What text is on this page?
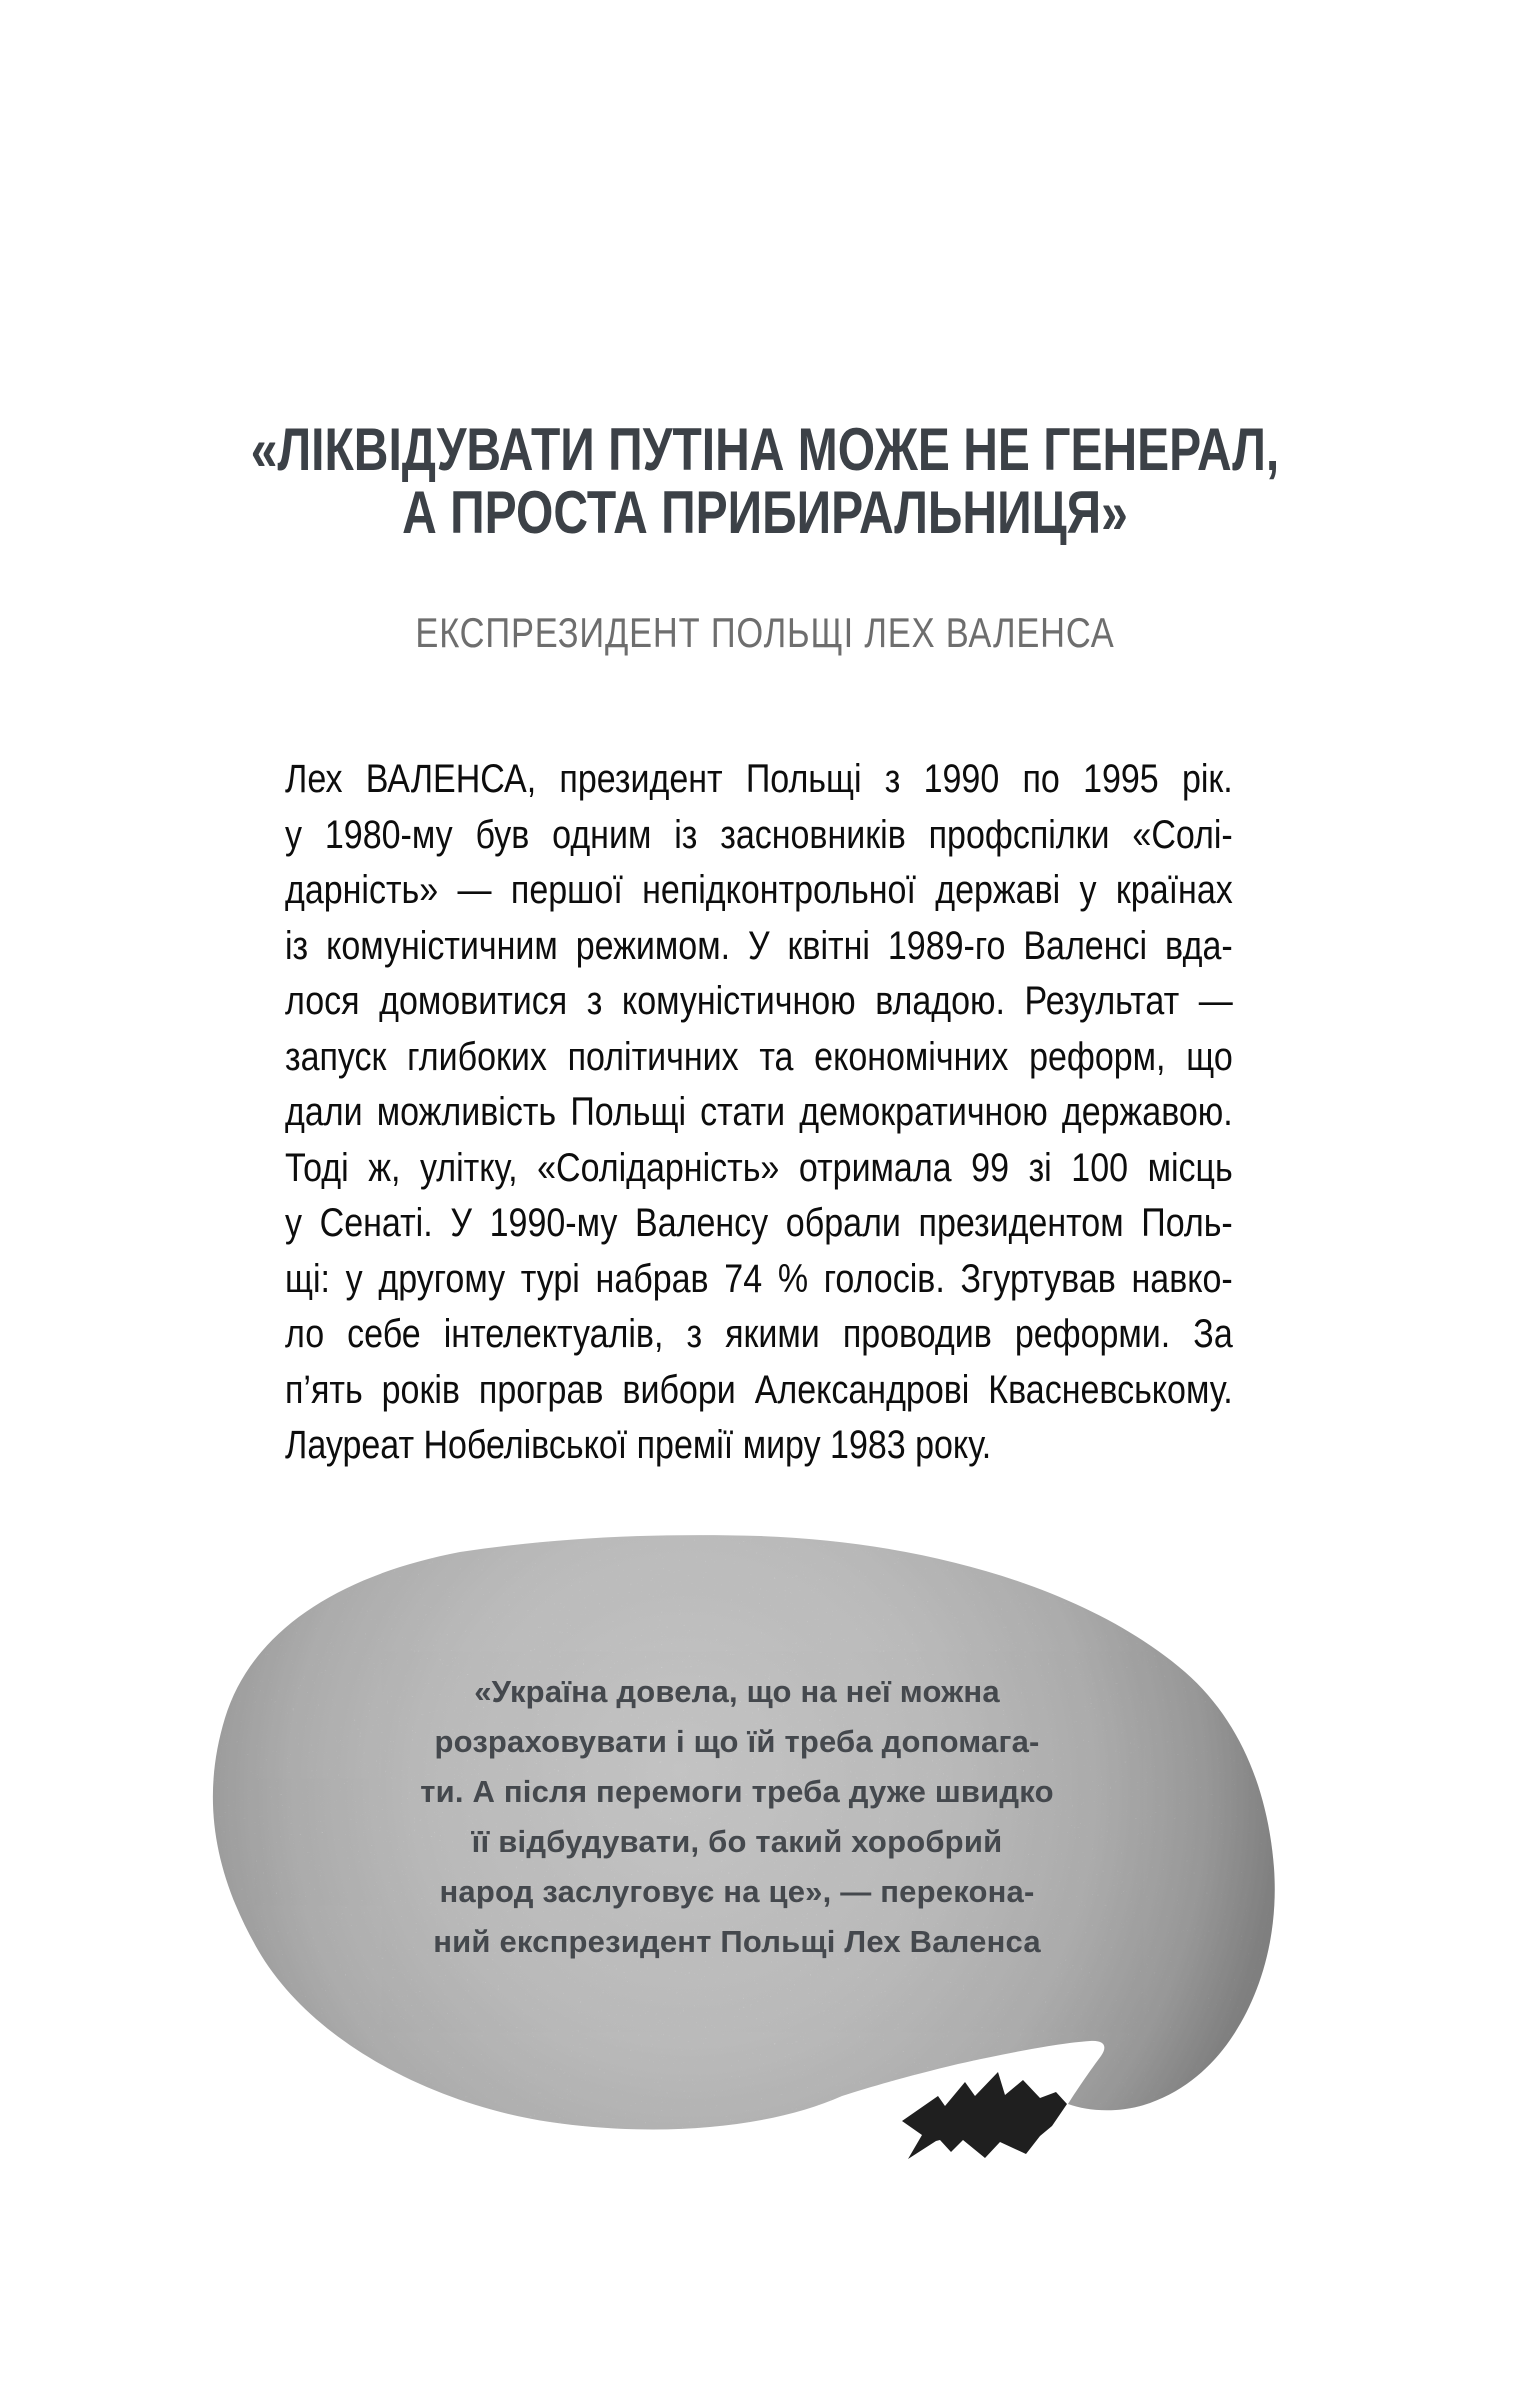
«ЛІКВІДУВАТИ ПУТІНА МОЖЕ НЕ ГЕНЕРАЛ,
А ПРОСТА ПРИБИРАЛЬНИЦЯ»
ЕКСПРЕЗИДЕНТ ПОЛЬЩІ ЛЕХ ВАЛЕНСА
Лех ВАЛЕНСА, президент Польщі з 1990 по 1995 рік.
у 1980-му був одним із засновників профспілки «Солі-
дарність» — першої непідконтрольної державі у країнах
із комуністичним режимом. У квітні 1989-го Валенсі вда-
лося домовитися з комуністичною владою. Результат —
запуск глибоких політичних та економічних реформ, що
дали можливість Польщі стати демократичною державою.
Тоді ж, улітку, «Солідарність» отримала 99 зі 100 місць
у Сенаті. У 1990-му Валенсу обрали президентом Поль-
щі: у другому турі набрав 74 % голосів. Згуртував навко-
ло себе інтелектуалів, з якими проводив реформи. За
п’ять років програв вибори Александрові Квасневському.
Лауреат Нобелівської премії миру 1983 року.
«Україна довела, що на неї можна
розраховувати і що їй треба допомага-
ти. А після перемоги треба дуже швидко
її відбудувати, бо такий хоробрий
народ заслуговує на це», — перекона-
ний експрезидент Польщі Лех Валенса
